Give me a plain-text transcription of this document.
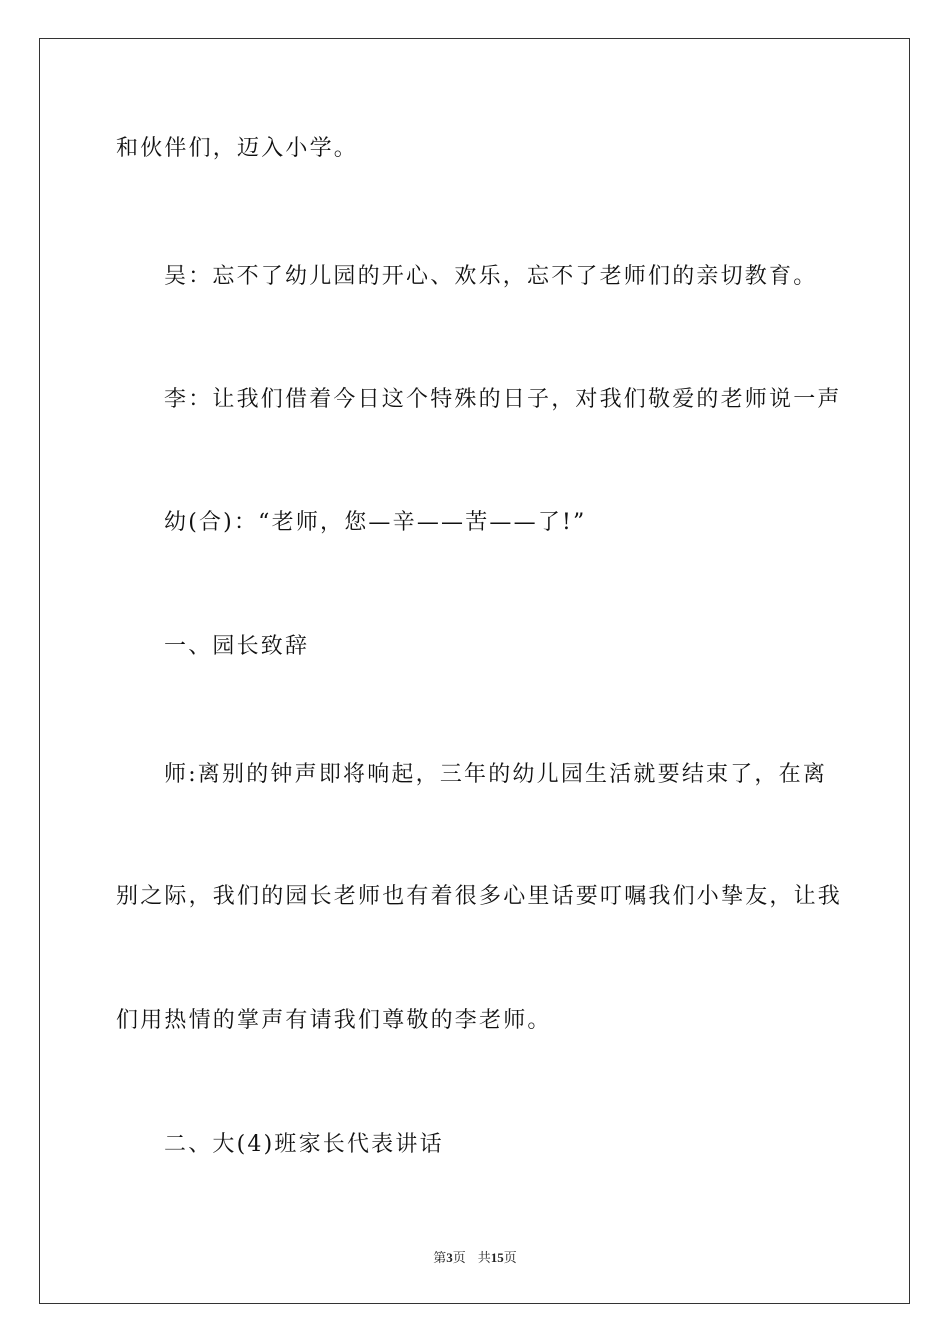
和伙伴们，迈入小学。
吴：忘不了幼儿园的开心、欢乐，忘不了老师们的亲切教育。
李：让我们借着今日这个特殊的日子，对我们敬爱的老师说一声
幼(合)：“老师，您—辛——苦——了!”
一、园长致辞
师:离别的钟声即将响起，三年的幼儿园生活就要结束了，在离
别之际，我们的园长老师也有着很多心里话要叮嘱我们小挚友，让我
们用热情的掌声有请我们尊敬的李老师。
二、大(4)班家长代表讲话
第3页 共15页
